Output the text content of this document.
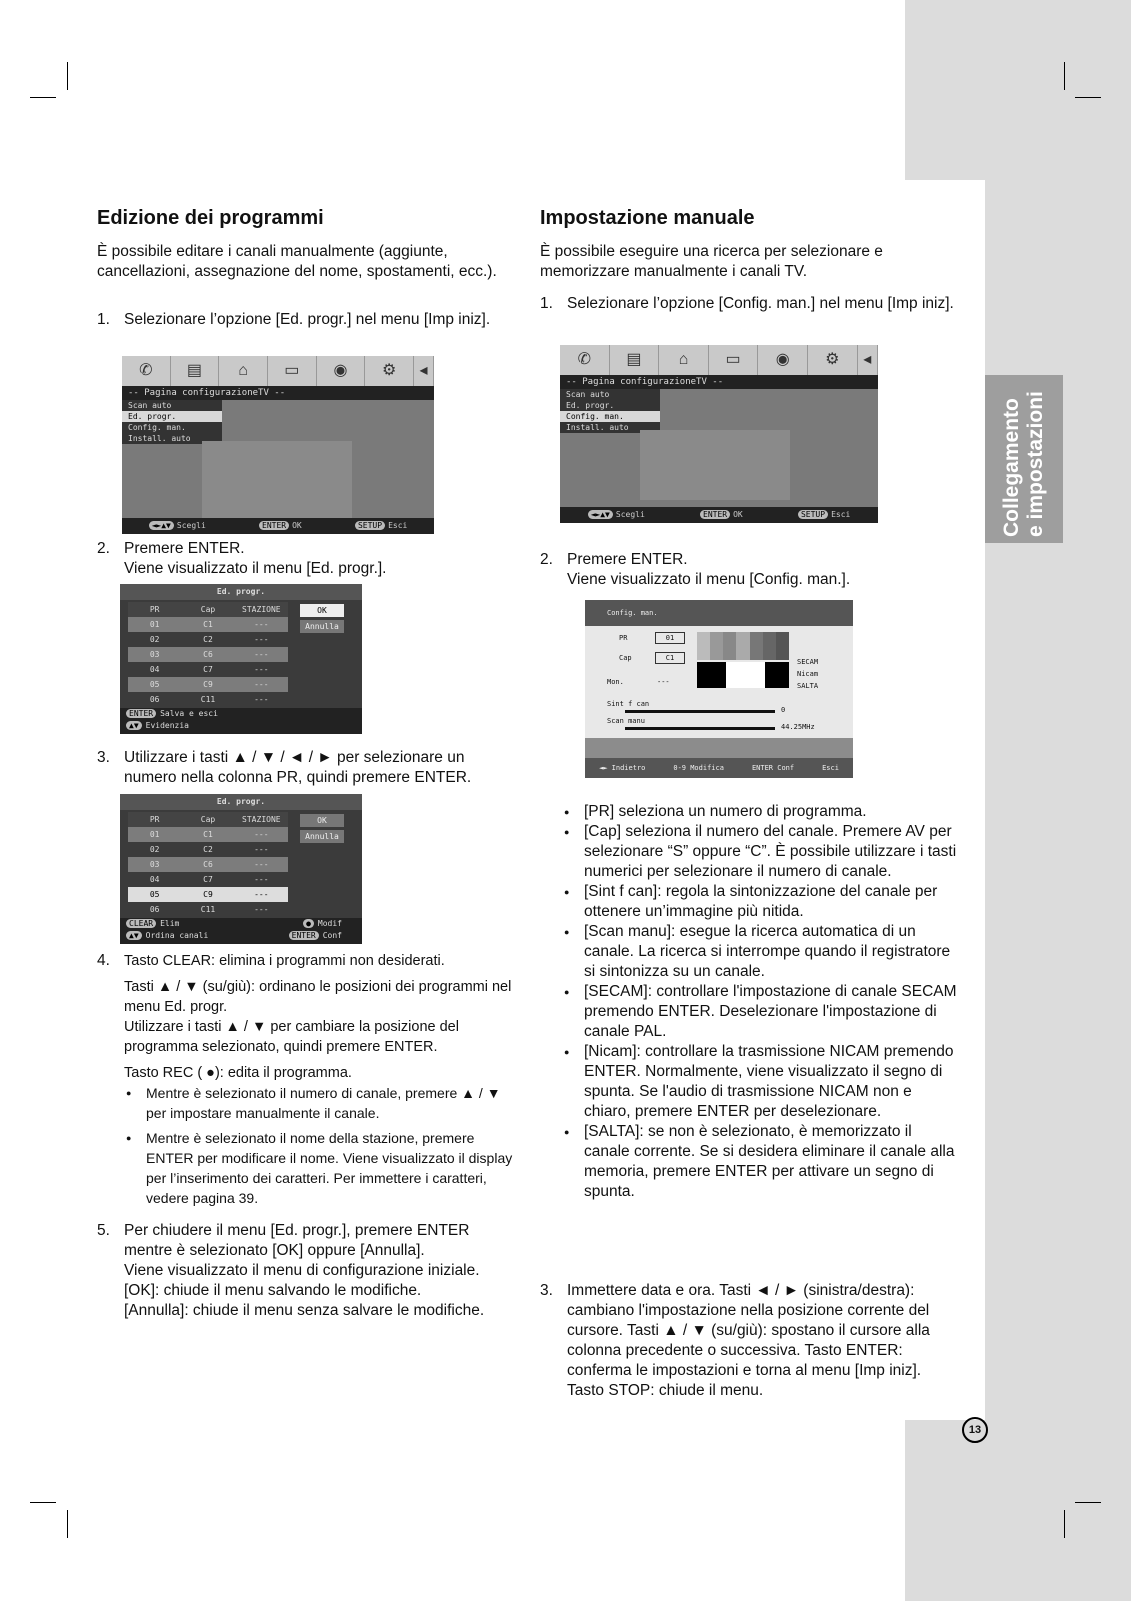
Collegamento e impostazioni
Edizione dei programmi
È possibile editare i canali manualmente (aggiunte, cancellazioni, assegnazione del nome, spostamenti, ecc.).
1. Selezionare l’opzione [Ed. progr.] nel menu [Imp iniz].
✆	▤	⌂	▭	◉	⚙	◂
-- Pagina configurazioneTV --
Scan auto
Ed. progr.
Config. man.
Install. auto
◄►▲▼ Scegli	ENTER OK	SETUP Esci
2. Premere ENTER.
Viene visualizzato il menu [Ed. progr.].
Ed. progr.
PR	Cap	STAZIONE
01	C1	---
02	C2	---
03	C6	---
04	C7	---
05	C9	---
06	C11	---
OK
Annulla
ENTER Salva e esci
▲▼ Evidenzia
3. Utilizzare i tasti ▲ / ▼ / ◄ / ► per selezionare un numero nella colonna PR, quindi premere ENTER.
Ed. progr.
PR	Cap	STAZIONE
01	C1	---
02	C2	---
03	C6	---
04	C7	---
05	C9	---
06	C11	---
OK
Annulla
CLEAR Elim	● Modif
▲▼ Ordina canali	ENTER Conf
4. Tasto CLEAR: elimina i programmi non desiderati.
Tasti ▲ / ▼ (su/giù): ordinano le posizioni dei programmi nel menu Ed. progr.
Utilizzare i tasti ▲ / ▼ per cambiare la posizione del programma selezionato, quindi premere ENTER.
Tasto REC ( ●): edita il programma.
● Mentre è selezionato il numero di canale, premere ▲ / ▼ per impostare manualmente il canale.
● Mentre è selezionato il nome della stazione, premere ENTER per modificare il nome. Viene visualizzato il display per l’inserimento dei caratteri. Per immettere i caratteri, vedere pagina 39.
5. Per chiudere il menu [Ed. progr.], premere ENTER mentre è selezionato [OK] oppure [Annulla].
Viene visualizzato il menu di configurazione iniziale.
[OK]: chiude il menu salvando le modifiche.
[Annulla]: chiude il menu senza salvare le modifiche.
Impostazione manuale
È possibile eseguire una ricerca per selezionare e memorizzare manualmente i canali TV.
1. Selezionare l’opzione [Config. man.] nel menu [Imp iniz].
✆	▤	⌂	▭	◉	⚙	◂
-- Pagina configurazioneTV --
Scan auto
Ed. progr.
Config. man.
Install. auto
◄►▲▼ Scegli	ENTER OK	SETUP Esci
2. Premere ENTER.
Viene visualizzato il menu [Config. man.].
Config. man.
PR	01
Cap	C1
Mon.	---
SECAM
Nicam
SALTA
Sint f can
0
Scan manu
44.25MHz
◄► Indietro	0-9 Modifica	ENTER Conf	Esci
● [PR] seleziona un numero di programma.
● [Cap] seleziona il numero del canale. Premere AV per selezionare “S” oppure “C”. È possibile utilizzare i tasti numerici per selezionare il numero di canale.
● [Sint f can]: regola la sintonizzazione del canale per ottenere un’immagine più nitida.
● [Scan manu]: esegue la ricerca automatica di un canale. La ricerca si interrompe quando il registratore si sintonizza su un canale.
● [SECAM]: controllare l'impostazione di canale SECAM premendo ENTER. Deselezionare l'impostazione di canale PAL.
● [Nicam]: controllare la trasmissione NICAM premendo ENTER. Normalmente, viene visualizzato il segno di spunta. Se l'audio di trasmissione NICAM non e chiaro, premere ENTER per deselezionare.
● [SALTA]: se non è selezionato, è memorizzato il canale corrente. Se si desidera eliminare il canale alla memoria, premere ENTER per attivare un segno di spunta.
3. Immettere data e ora. Tasti ◄ / ► (sinistra/destra): cambiano l'impostazione nella posizione corrente del cursore. Tasti ▲ / ▼ (su/giù): spostano il cursore alla colonna precedente o successiva. Tasto ENTER: conferma le impostazioni e torna al menu [Imp iniz]. Tasto STOP: chiude il menu.
13
